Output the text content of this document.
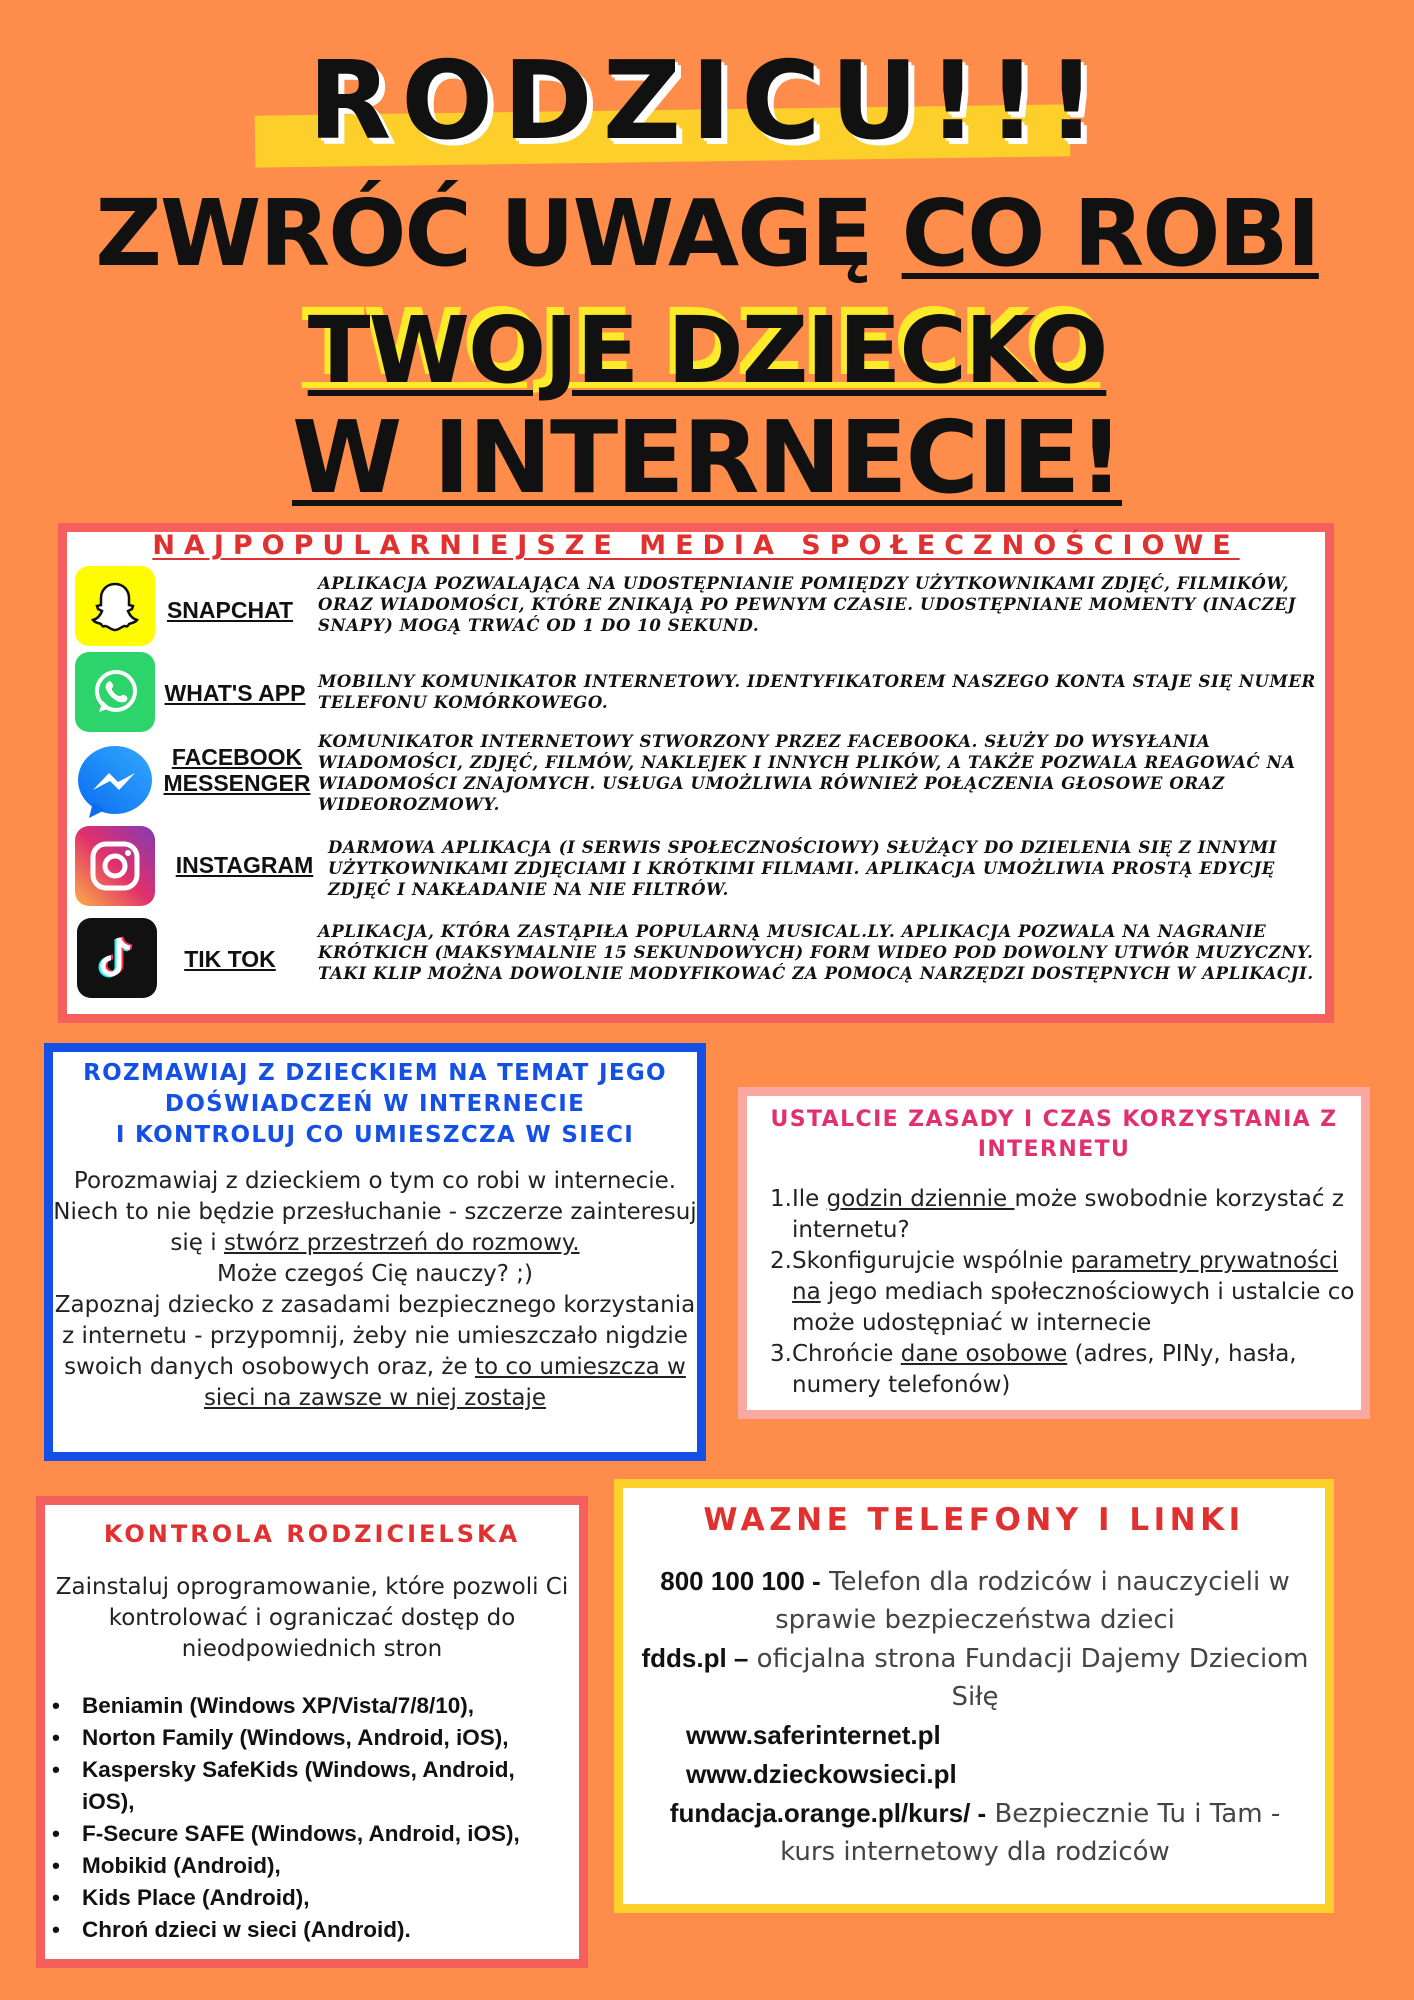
RODZICU!!!
ZWRÓĆ UWAGĘ CO ROBI
TWOJE DZIECKO
W INTERNECIE!
NAJPOPULARNIEJSZE MEDIA SPOŁECZNOŚCIOWE
SNAPCHAT
APLIKACJA POZWALAJĄCA NA UDOSTĘPNIANIE POMIĘDZY UŻYTKOWNIKAMI ZDJĘĆ, FILMIKÓW, ORAZ WIADOMOŚCI, KTÓRE ZNIKAJĄ PO PEWNYM CZASIE. UDOSTĘPNIANE MOMENTY (INACZEJ SNAPY) MOGĄ TRWAĆ OD 1 DO 10 SEKUND.
WHAT'S APP MOBILNY KOMUNIKATOR INTERNETOWY. IDENTYFIKATOREM NASZEGO KONTA STAJE SIĘ NUMER TELEFONU KOMÓRKOWEGO.
FACEBOOK MESSENGER
KOMUNIKATOR INTERNETOWY STWORZONY PRZEZ FACEBOOKA. SŁUŻY DO WYSYŁANIA WIADOMOŚCI, ZDJĘĆ, FILMÓW, NAKLEJEK I INNYCH PLIKÓW, A TAKŻE POZWALA REAGOWAĆ NA WIADOMOŚCI ZNAJOMYCH. USŁUGA UMOŻLIWIA RÓWNIEŻ POŁĄCZENIA GŁOSOWE ORAZ WIDEOROZMOWY.
INSTAGRAM
DARMOWA APLIKACJA (I SERWIS SPOŁECZNOŚCIOWY) SŁUŻĄCY DO DZIELENIA SIĘ Z INNYMI UŻYTKOWNIKAMI ZDJĘCIAMI I KRÓTKIMI FILMAMI. APLIKACJA UMOŻLIWIA PROSTĄ EDYCJĘ ZDJĘĆ I NAKŁADANIE NA NIE FILTRÓW.
TIK TOK
APLIKACJA, KTÓRA ZASTĄPIŁA POPULARNĄ MUSICAL.LY. APLIKACJA POZWALA NA NAGRANIE KRÓTKICH (MAKSYMALNIE 15 SEKUNDOWYCH) FORM WIDEO POD DOWOLNY UTWÓR MUZYCZNY. TAKI KLIP MOŻNA DOWOLNIE MODYFIKOWAĆ ZA POMOCĄ NARZĘDZI DOSTĘPNYCH W APLIKACJI.
ROZMAWIAJ Z DZIECKIEM NA TEMAT JEGO
DOŚWIADCZEŃ W INTERNECIE
I KONTROLUJ CO UMIESZCZA W SIECI
Porozmawiaj z dzieckiem o tym co robi w internecie. Niech to nie będzie przesłuchanie - szczerze zainteresuj się i stwórz przestrzeń do rozmowy.
Może czegoś Cię nauczy? ;)
Zapoznaj dziecko z zasadami bezpiecznego korzystania z internetu - przypomnij, żeby nie umieszczało nigdzie swoich danych osobowych oraz, że to co umieszcza w sieci na zawsze w niej zostaje
USTALCIE ZASADY I CZAS KORZYSTANIA Z INTERNETU
1. Ile godzin dziennie może swobodnie korzystać z internetu?
2. Skonfigurujcie wspólnie parametry prywatności na jego mediach społecznościowych i ustalcie co może udostępniać w internecie
3. Chrońcie dane osobowe (adres, PINy, hasła, numery telefonów)
KONTROLA RODZICIELSKA
Zainstaluj oprogramowanie, które pozwoli Ci kontrolować i ograniczać dostęp do nieodpowiednich stron
• Beniamin (Windows XP/Vista/7/8/10),
• Norton Family (Windows, Android, iOS),
• Kaspersky SafeKids (Windows, Android, iOS),
• F-Secure SAFE (Windows, Android, iOS),
• Mobikid (Android),
• Kids Place (Android),
• Chroń dzieci w sieci (Android).
WAZNE TELEFONY I LINKI
800 100 100 - Telefon dla rodziców i nauczycieli w sprawie bezpieczeństwa dzieci
fdds.pl – oficjalna strona Fundacji Dajemy Dzieciom Siłę
www.saferinternet.pl
www.dzieckowsieci.pl
fundacja.orange.pl/kurs/ - Bezpiecznie Tu i Tam - kurs internetowy dla rodziców
